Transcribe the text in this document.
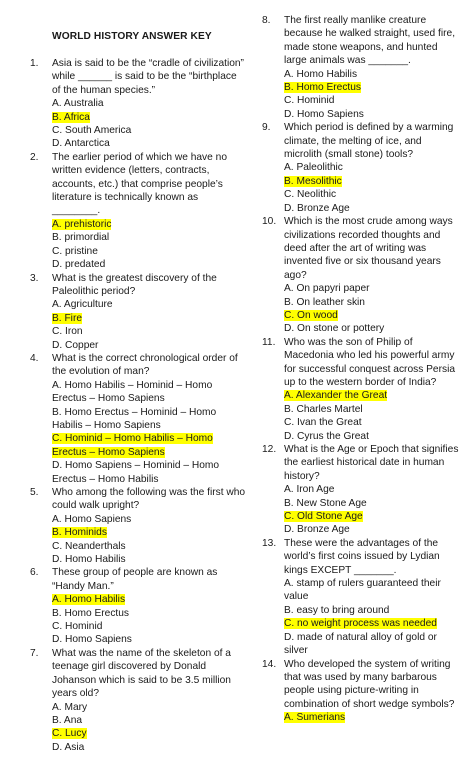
WORLD HISTORY ANSWER KEY
1.	Asia is said to be the “cradle of civilization” while ______ is said to be the “birthplace of the human species.”
A. Australia
B. Africa
C. South America
D. Antarctica
2.	The earlier period of which we have no written evidence (letters, contracts, accounts, etc.) that comprise people’s literature is technically known as ________.
A. prehistoric
B. primordial
C. pristine
D. predated
3.	What is the greatest discovery of the Paleolithic period?
A. Agriculture
B. Fire
C. Iron
D. Copper
4.	What is the correct chronological order of the evolution of man?
A. Homo Habilis – Hominid – Homo Erectus – Homo Sapiens
B. Homo Erectus – Hominid – Homo Habilis – Homo Sapiens
C. Hominid – Homo Habilis – Homo Erectus – Homo Sapiens
D. Homo Sapiens – Hominid – Homo Erectus – Homo Habilis
5.	Who among the following was the first who could walk upright?
A. Homo Sapiens
B. Hominids
C. Neanderthals
D. Homo Habilis
6.	These group of people are known as “Handy Man.”
A. Homo Habilis
B. Homo Erectus
C. Hominid
D. Homo Sapiens
7.	What was the name of the skeleton of a teenage girl discovered by Donald Johanson which is said to be 3.5 million years old?
A. Mary
B. Ana
C. Lucy
D. Asia
8.	The first really manlike creature because he walked straight, used fire, made stone weapons, and hunted large animals was _______.
A. Homo Habilis
B. Homo Erectus
C. Hominid
D. Homo Sapiens
9.	Which period is defined by a warming climate, the melting of ice, and microlith (small stone) tools?
A. Paleolithic
B. Mesolithic
C. Neolithic
D. Bronze Age
10. Which is the most crude among ways civilizations recorded thoughts and deed after the art of writing was invented five or six thousand years ago?
A. On papyri paper
B. On leather skin
C. On wood
D. On stone or pottery
11. Who was the son of Philip of Macedonia who led his powerful army for successful conquest across Persia up to the western border of India?
A. Alexander the Great
B. Charles Martel
C. Ivan the Great
D. Cyrus the Great
12. What is the Age or Epoch that signifies the earliest historical date in human history?
A. Iron Age
B. New Stone Age
C. Old Stone Age
D. Bronze Age
13. These were the advantages of the world’s first coins issued by Lydian kings EXCEPT _______.
A. stamp of rulers guaranteed their value
B. easy to bring around
C. no weight process was needed
D. made of natural alloy of gold or silver
14. Who developed the system of writing that was used by many barbarous people using picture-writing in combination of short wedge symbols?
A. Sumerians
